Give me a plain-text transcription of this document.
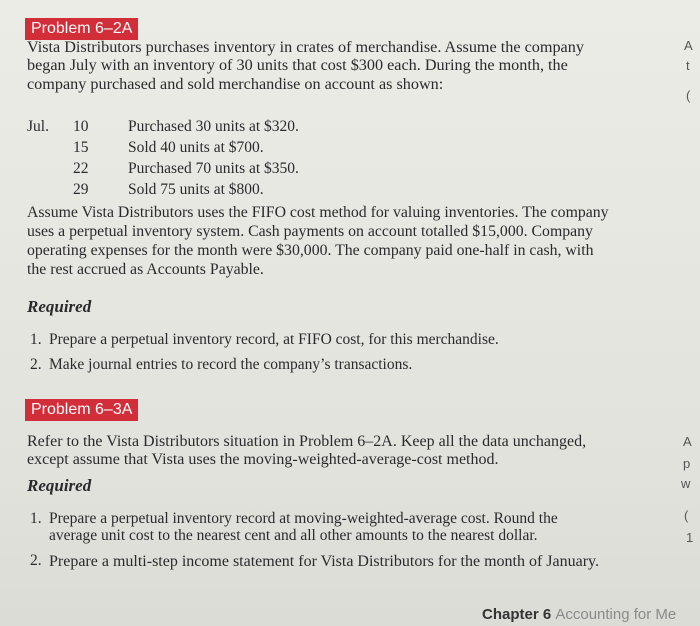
Problem 6–2A
Vista Distributors purchases inventory in crates of merchandise. Assume the company
began July with an inventory of 30 units that cost $300 each. During the month, the
company purchased and sold merchandise on account as shown:
Jul. 10	Purchased 30 units at $320.
15	Sold 40 units at $700.
22	Purchased 70 units at $350.
29	Sold 75 units at $800.
Assume Vista Distributors uses the FIFO cost method for valuing inventories. The company
uses a perpetual inventory system. Cash payments on account totalled $15,000. Company
operating expenses for the month were $30,000. The company paid one-half in cash, with
the rest accrued as Accounts Payable.
Required
1. Prepare a perpetual inventory record, at FIFO cost, for this merchandise.
2. Make journal entries to record the company’s transactions.
Problem 6–3A
Refer to the Vista Distributors situation in Problem 6–2A. Keep all the data unchanged,
except assume that Vista uses the moving-weighted-average-cost method.
Required
1. Prepare a perpetual inventory record at moving-weighted-average cost. Round the
average unit cost to the nearest cent and all other amounts to the nearest dollar.
2. Prepare a multi-step income statement for Vista Distributors for the month of January.
Chapter 6 Accounting for Me
A
t
(
A
p
w
(
1
